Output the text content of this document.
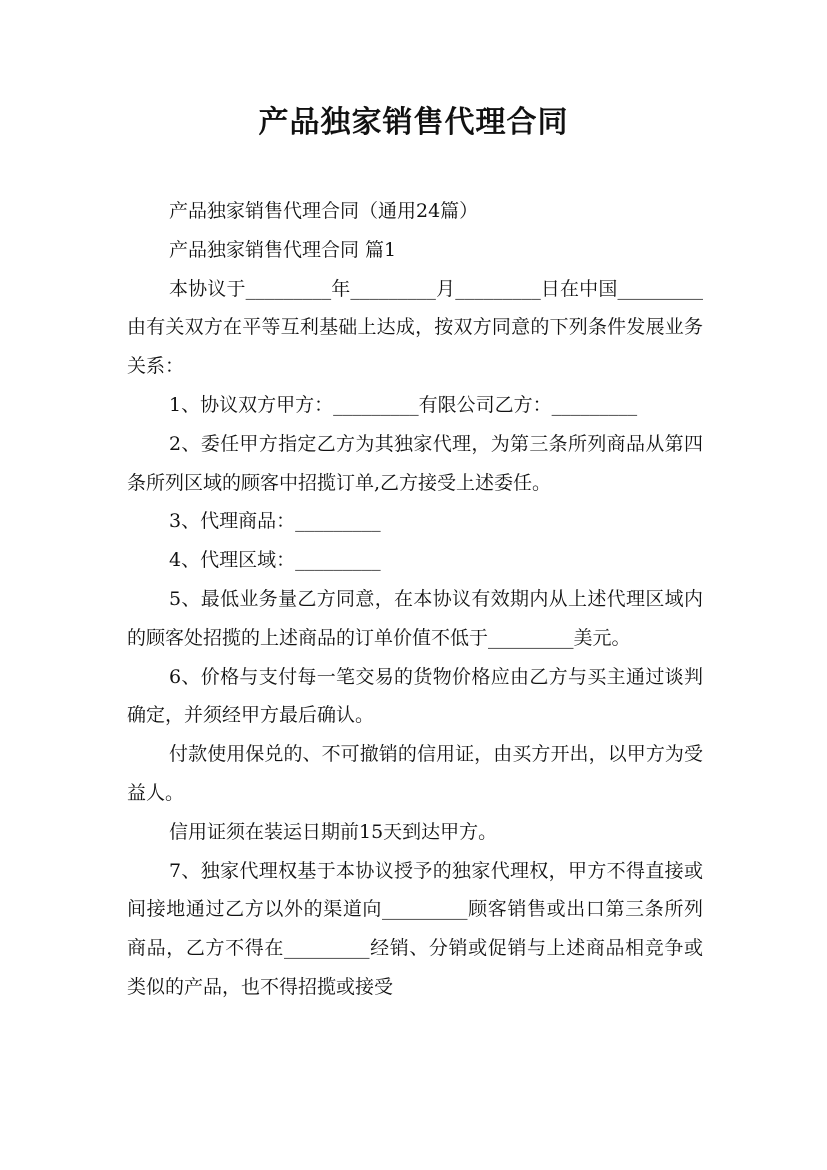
产品独家销售代理合同

产品独家销售代理合同（通用24篇）

产品独家销售代理合同 篇1

本协议于_________年_________月_________日在中国_________由有关双方在平等互利基础上达成，按双方同意的下列条件发展业务关系：

1、协议双方甲方：_________有限公司乙方：_________

2、委任甲方指定乙方为其独家代理，为第三条所列商品从第四条所列区域的顾客中招揽订单,乙方接受上述委任。

3、代理商品：_________

4、代理区域：_________

5、最低业务量乙方同意，在本协议有效期内从上述代理区域内的顾客处招揽的上述商品的订单价值不低于_________美元。

6、价格与支付每一笔交易的货物价格应由乙方与买主通过谈判确定，并须经甲方最后确认。

付款使用保兑的、不可撤销的信用证，由买方开出，以甲方为受益人。

信用证须在装运日期前15天到达甲方。

7、独家代理权基于本协议授予的独家代理权，甲方不得直接或间接地通过乙方以外的渠道向_________顾客销售或出口第三条所列商品，乙方不得在_________经销、分销或促销与上述商品相竞争或类似的产品，也不得招揽或接受
